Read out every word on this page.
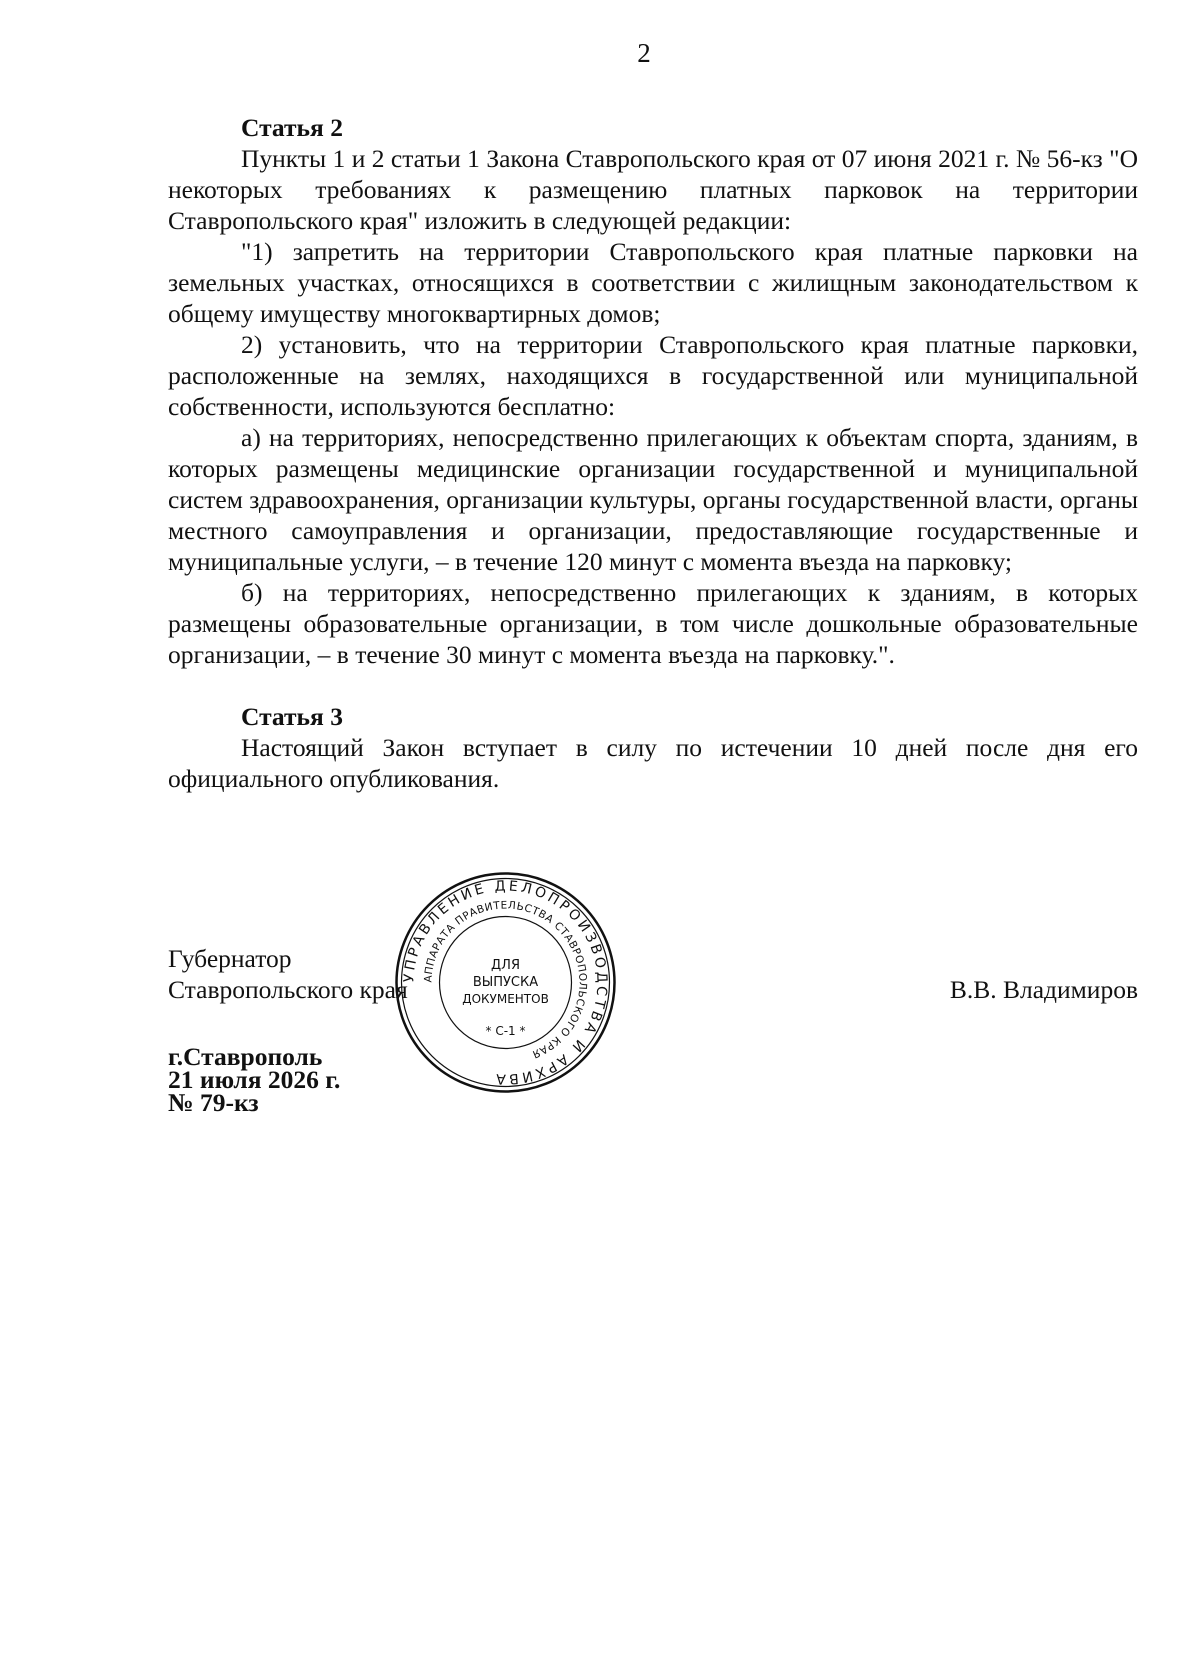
2

Статья 2

Пункты 1 и 2 статьи 1 Закона Ставропольского края от 07 июня 2021 г. № 56-кз "О некоторых требованиях к размещению платных парковок на территории Ставропольского края" изложить в следующей редакции:

"1) запретить на территории Ставропольского края платные парковки на земельных участках, относящихся в соответствии с жилищным законодательством к общему имуществу многоквартирных домов;

2) установить, что на территории Ставропольского края платные парковки, расположенные на землях, находящихся в государственной или муниципальной собственности, используются бесплатно:

а) на территориях, непосредственно прилегающих к объектам спорта, зданиям, в которых размещены медицинские организации государственной и муниципальной систем здравоохранения, организации культуры, органы государственной власти, органы местного самоуправления и организации, предоставляющие государственные и муниципальные услуги, – в течение 120 минут с момента въезда на парковку;

б) на территориях, непосредственно прилегающих к зданиям, в которых размещены образовательные организации, в том числе дошкольные образовательные организации, – в течение 30 минут с момента въезда на парковку.".

Статья 3

Настоящий Закон вступает в силу по истечении 10 дней после дня его официального опубликования.

Губернатор
Ставропольского края	В.В. Владимиров
г.Ставрополь
21 июля 2026 г.
№ 79-кз
УПРАВЛЕНИЕ ДЕЛОПРОИЗВОДСТВА И АРХИВА
АППАРАТА ПРАВИТЕЛЬСТВА СТАВРОПОЛЬСКОГО КРАЯ
ДЛЯ
ВЫПУСКА
ДОКУМЕНТОВ
* С-1 *
